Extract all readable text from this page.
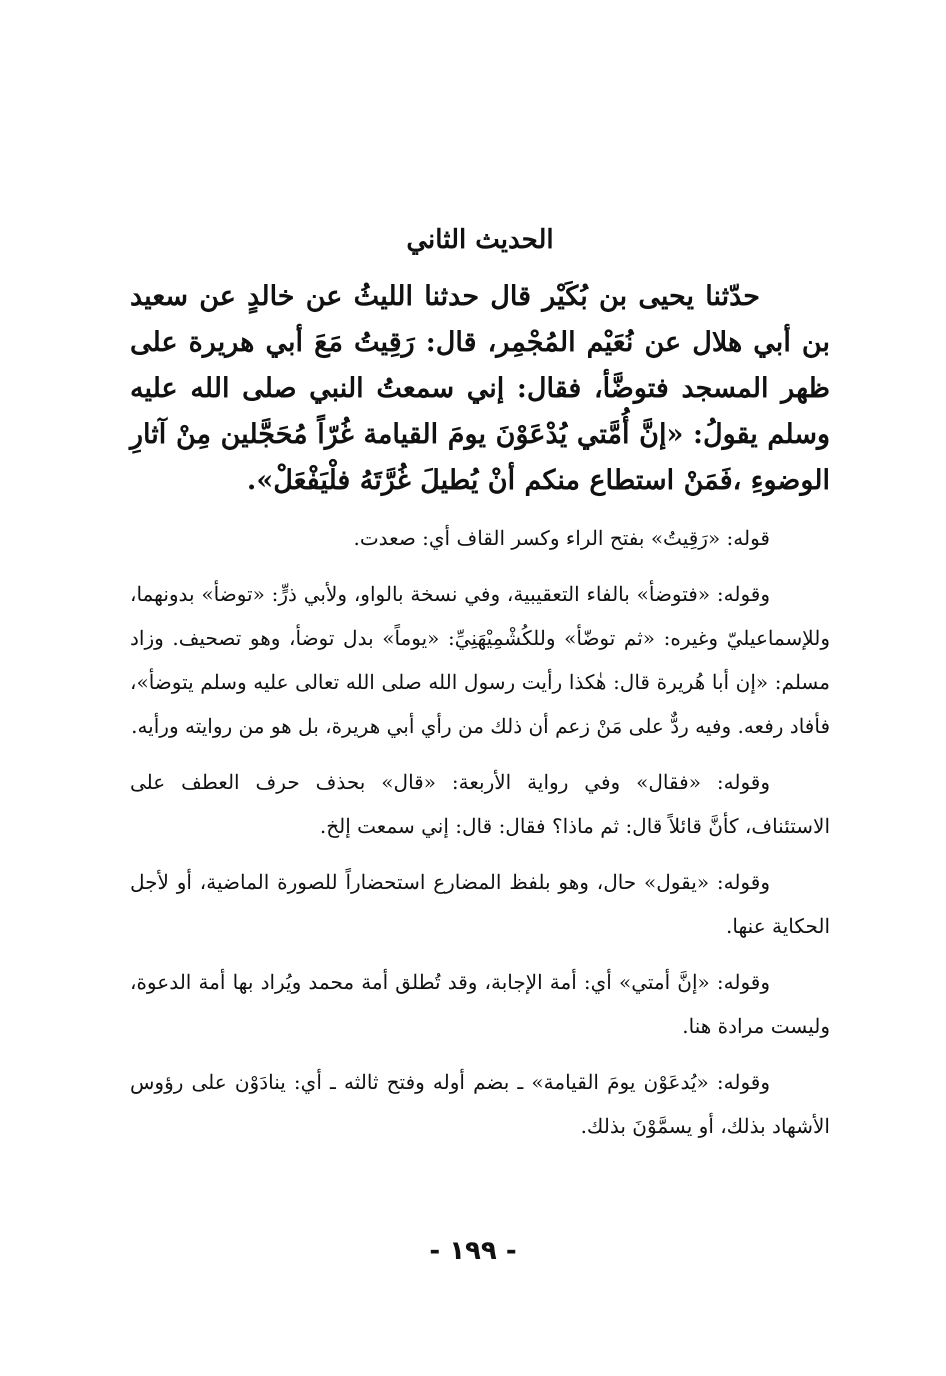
الحديث الثاني

حدّثنا يحيى بن بُكَيْر قال حدثنا الليثُ عن خالدٍ عن سعيد بن أبي هلال عن نُعَيْم المُجْمِر، قال: رَقِيتُ مَعَ أبي هريرة على ظهر المسجد فتوضَّأ، فقال: إني سمعتُ النبي صلى الله عليه وسلم يقولُ: «إنَّ أُمَّتي يُدْعَوْنَ يومَ القيامة غُرّاً مُحَجَّلين مِنْ آثارِ الوضوءِ ،فَمَنْ استطاع منكم أنْ يُطيلَ غُرَّتَهُ فلْيَفْعَلْ».

قوله: «رَقِيتُ» بفتح الراء وكسر القاف أي: صعدت.

وقوله: «فتوضأ» بالفاء التعقيبية، وفي نسخة بالواو، ولأبي ذرٍّ: «توضأ» بدونهما، وللإسماعيليّ وغيره: «ثم توضّأ» وللكُشْمِيْهَنِيِّ: «يوماً» بدل توضأ، وهو تصحيف. وزاد مسلم: «إن أبا هُريرة قال: هٰكذا رأيت رسول الله صلى الله تعالى عليه وسلم يتوضأ»، فأفاد رفعه. وفيه ردٌّ على مَنْ زعم أن ذلك من رأي أبي هريرة، بل هو من روايته ورأيه.

وقوله: «فقال» وفي رواية الأربعة: «قال» بحذف حرف العطف على الاستئناف، كأنَّ قائلاً قال: ثم ماذا؟ فقال: قال: إني سمعت إلخ.

وقوله: «يقول» حال، وهو بلفظ المضارع استحضاراً للصورة الماضية، أو لأجل الحكاية عنها.

وقوله: «إنَّ أمتي» أي: أمة الإجابة، وقد تُطلق أمة محمد ويُراد بها أمة الدعوة، وليست مرادة هنا.

وقوله: «يُدعَوْن يومَ القيامة» ـ بضم أوله وفتح ثالثه ـ أي: ينادَوْن على رؤوس الأشهاد بذلك، أو يسمَّوْنَ بذلك.

- ١٩٩ -
